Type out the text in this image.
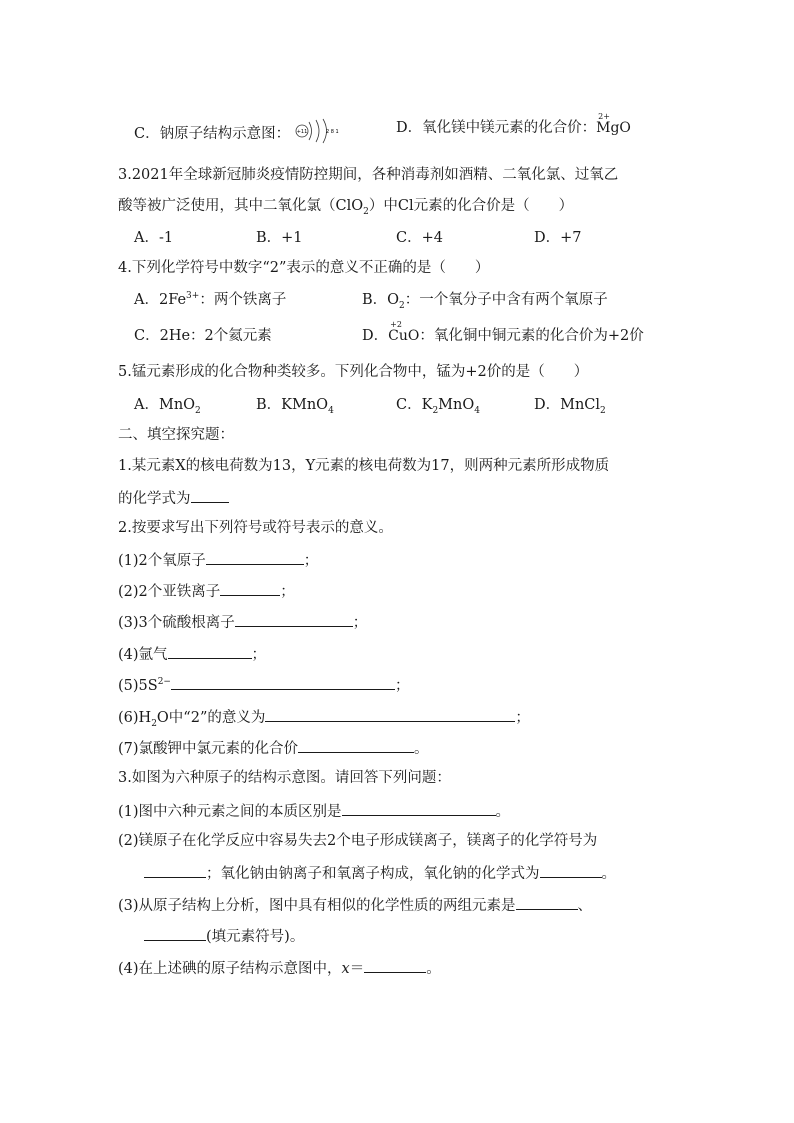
C．钠原子结构示意图： +11	2 8 1	D．氧化镁中镁元素的化合价：
2+
MgO
3.2021年全球新冠肺炎疫情防控期间，各种消毒剂如酒精、二氧化氯、过氧乙
酸等被广泛使用，其中二氧化氯（ClO$_2$）中Cl元素的化合价是（　　）
A．-1	B．+1	C．+4	D．+7
4.下列化学符号中数字“2”表示的意义不正确的是（　　）
A．$2Fe^{3+}$：两个铁离子	B．$O_2$：一个氧分子中含有两个氧原子
C．2He：2个氦元素	D．
+2
CuO：氧化铜中铜元素的化合价为+2价
5.锰元素形成的化合物种类较多。下列化合物中，锰为+2价的是（　　）
A．MnO$_2$	B．KMnO$_4$	C．$K_2MnO_4$	D．MnCl$_2$
二、填空探究题：
1.某元素X的核电荷数为13，Y元素的核电荷数为17，则两种元素所形成物质
的化学式为
2.按要求写出下列符号或符号表示的意义。
(1)2个氧原子	；
(2)2个亚铁离子	；
(3)3个硫酸根离子	；
(4)氩气	；
$(5)5S^{2-}$	；
$(6)H_2O$中“2”的意义为	；
(7)氯酸钾中氯元素的化合价	。
3.如图为六种原子的结构示意图。请回答下列问题：
(1)图中六种元素之间的本质区别是	。
(2)镁原子在化学反应中容易失去2个电子形成镁离子，镁离子的化学符号为
；氧化钠由钠离子和氧离子构成，氧化钠的化学式为	。
(3)从原子结构上分析，图中具有相似的化学性质的两组元素是	、
(填元素符号)。
(4)在上述碘的原子结构示意图中，x＝	。
